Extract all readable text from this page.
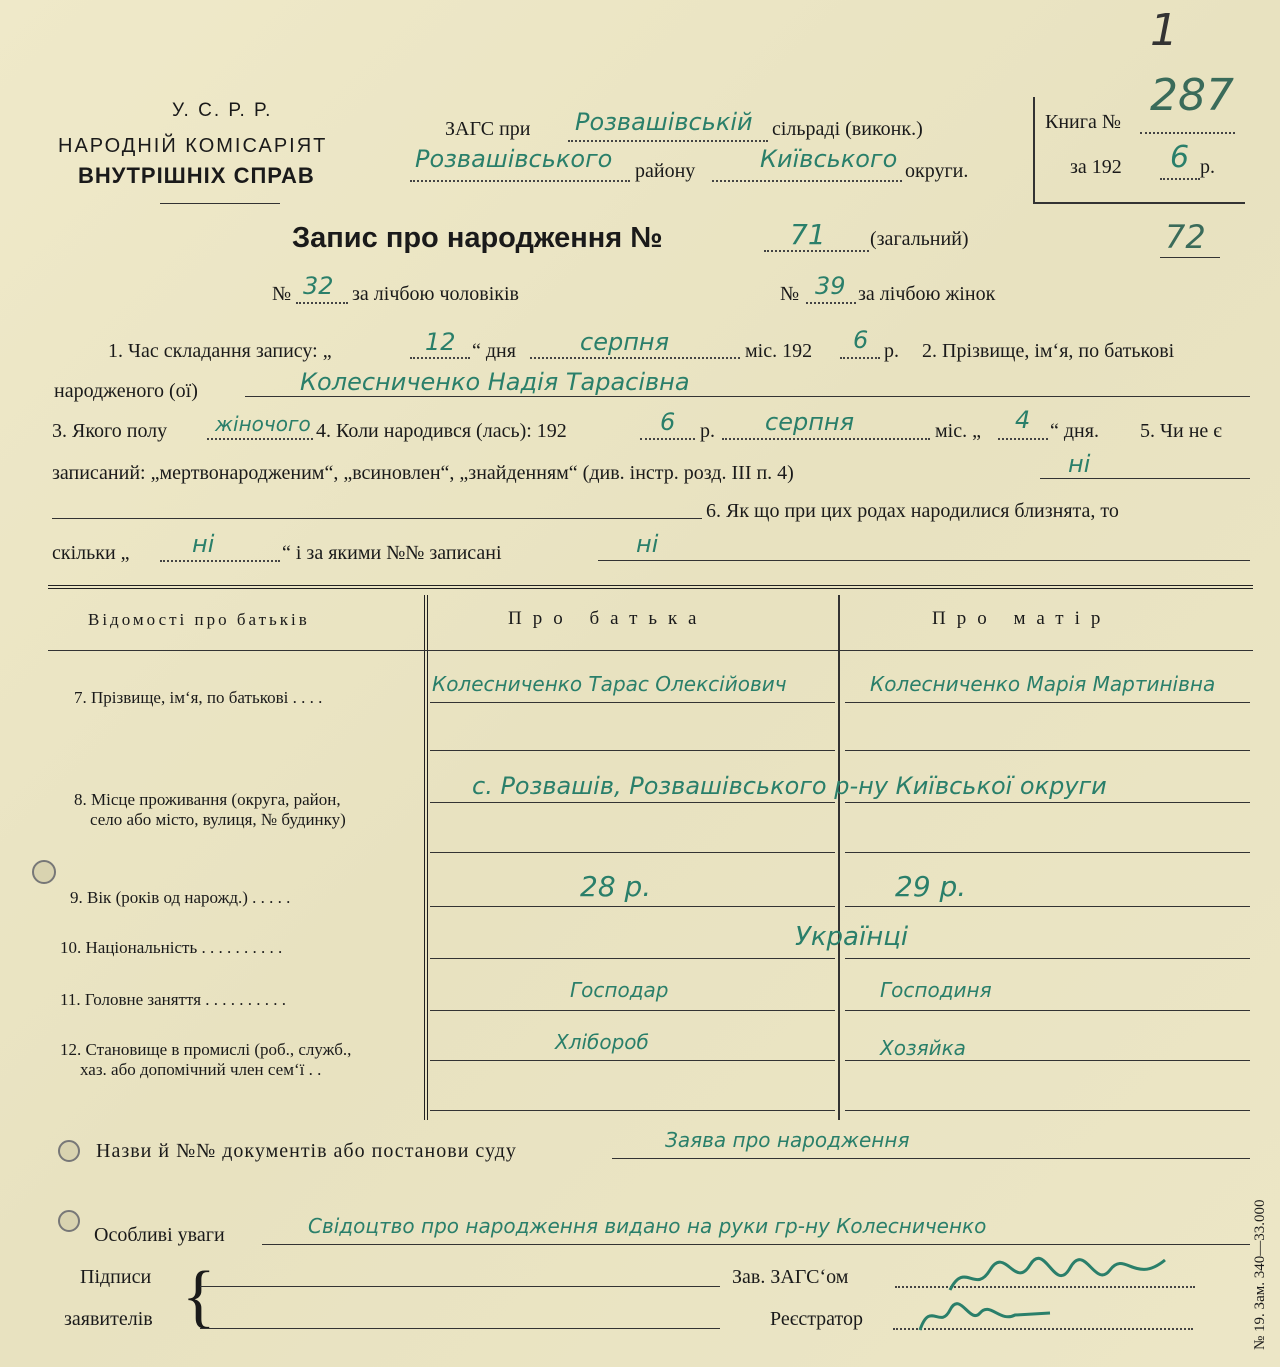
1
У. С. Р. Р.
НАРОДНІЙ КОМІСАРІЯТ
ВНУТРІШНІХ СПРАВ
ЗАГС при Розвашівській сільраді (виконк.)
Розвашівського району	Київського округи.
Книга №
287
за 192 6 р.
Запис про народження №	71 (загальний)	72
№ 32 за лічбою чоловіків	№ 39 за лічбою жінок
1. Час складання запису: „	12 “ дня	серпня	міс. 192 6 р. 2. Прізвище, ім‘я, по батькові
народженого (ої)	Колесниченко Надія Тарасівна
3. Якого полу жіночого 4. Коли народився (лась): 192	6 р. серпня	міс. „ 4 “ дня. 5. Чи не є
записаний: „мертвонародженим“, „всиновлен“, „знайденням“ (див. інстр. розд. III п. 4)	ні
6. Як що при цих родах народилися близнята, то
скільки „	ні	“ і за якими №№ записані	ні
Відомості про батьків	Про батька	Про матір
7. Прізвище, ім‘я, по батькові . . . .
Колесниченко Тарас Олексійович	Колесниченко Марія Мартинівна
8. Місце проживання (округа, район,
село або місто, вулиця, № будинку)
с. Розвашів, Розвашівського р-ну Київської округи
9. Вік (років од нарожд.) . . . . .	28 р.	29 р.
10. Національність . . . . . . . . . .	Українці
11. Головне заняття . . . . . . . . . .	Господар	Господиня
12. Становище в промислі (роб., служб.,
хаз. або допомічний член сем‘ї . .
Хлібороб	Хозяйка
Назви й №№ документів або постанови суду	Заява про народження
Особливі уваги	Свідоцтво про народження видано на руки гр-ну Колесниченко
Підписи
заявителів {	Зав. ЗАГС‘ом
Реєстратор	№ 19. Зам. 340—33.000
